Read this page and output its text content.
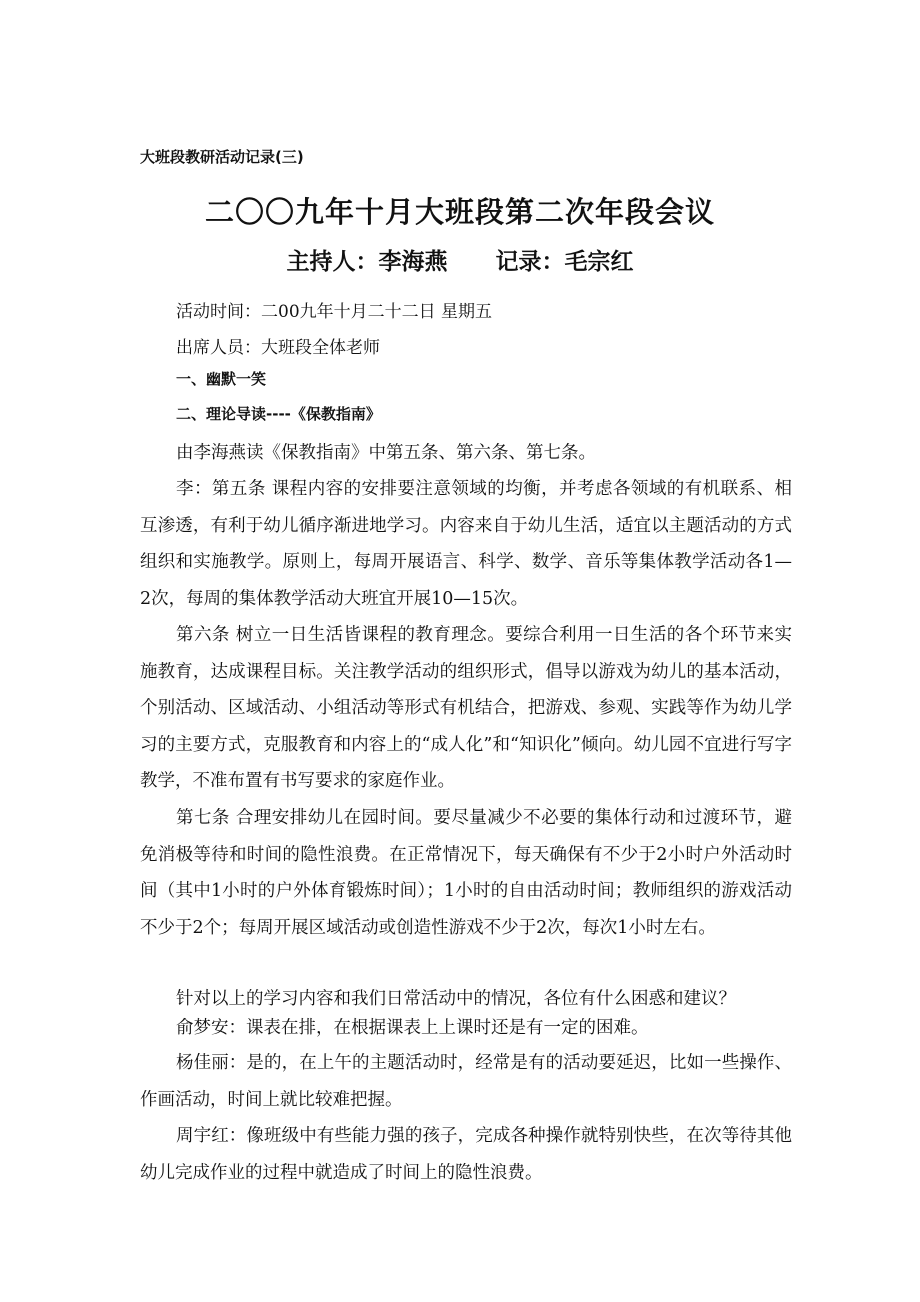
大班段教研活动记录(三)
二〇〇九年十月大班段第二次年段会议
主持人：李海燕 记录：毛宗红
活动时间：二00九年十月二十二日 星期五
出席人员：大班段全体老师
一、幽默一笑
二、理论导读----《保教指南》

由李海燕读《保教指南》中第五条、第六条、第七条。

李：第五条 课程内容的安排要注意领域的均衡，并考虑各领域的有机联系、相互渗透，有利于幼儿循序渐进地学习。内容来自于幼儿生活，适宜以主题活动的方式组织和实施教学。原则上，每周开展语言、科学、数学、音乐等集体教学活动各1—2次，每周的集体教学活动大班宜开展10—15次。

第六条 树立一日生活皆课程的教育理念。要综合利用一日生活的各个环节来实施教育，达成课程目标。关注教学活动的组织形式，倡导以游戏为幼儿的基本活动，个别活动、区域活动、小组活动等形式有机结合，把游戏、参观、实践等作为幼儿学习的主要方式，克服教育和内容上的“成人化”和“知识化”倾向。幼儿园不宜进行写字教学，不准布置有书写要求的家庭作业。

第七条 合理安排幼儿在园时间。要尽量减少不必要的集体行动和过渡环节，避免消极等待和时间的隐性浪费。在正常情况下，每天确保有不少于2小时户外活动时间（其中1小时的户外体育锻炼时间）；1小时的自由活动时间；教师组织的游戏活动不少于2个；每周开展区域活动或创造性游戏不少于2次，每次1小时左右。

针对以上的学习内容和我们日常活动中的情况，各位有什么困惑和建议？

俞梦安：课表在排，在根据课表上上课时还是有一定的困难。

杨佳丽：是的，在上午的主题活动时，经常是有的活动要延迟，比如一些操作、作画活动，时间上就比较难把握。

周宇红：像班级中有些能力强的孩子，完成各种操作就特别快些，在次等待其他幼儿完成作业的过程中就造成了时间上的隐性浪费。
